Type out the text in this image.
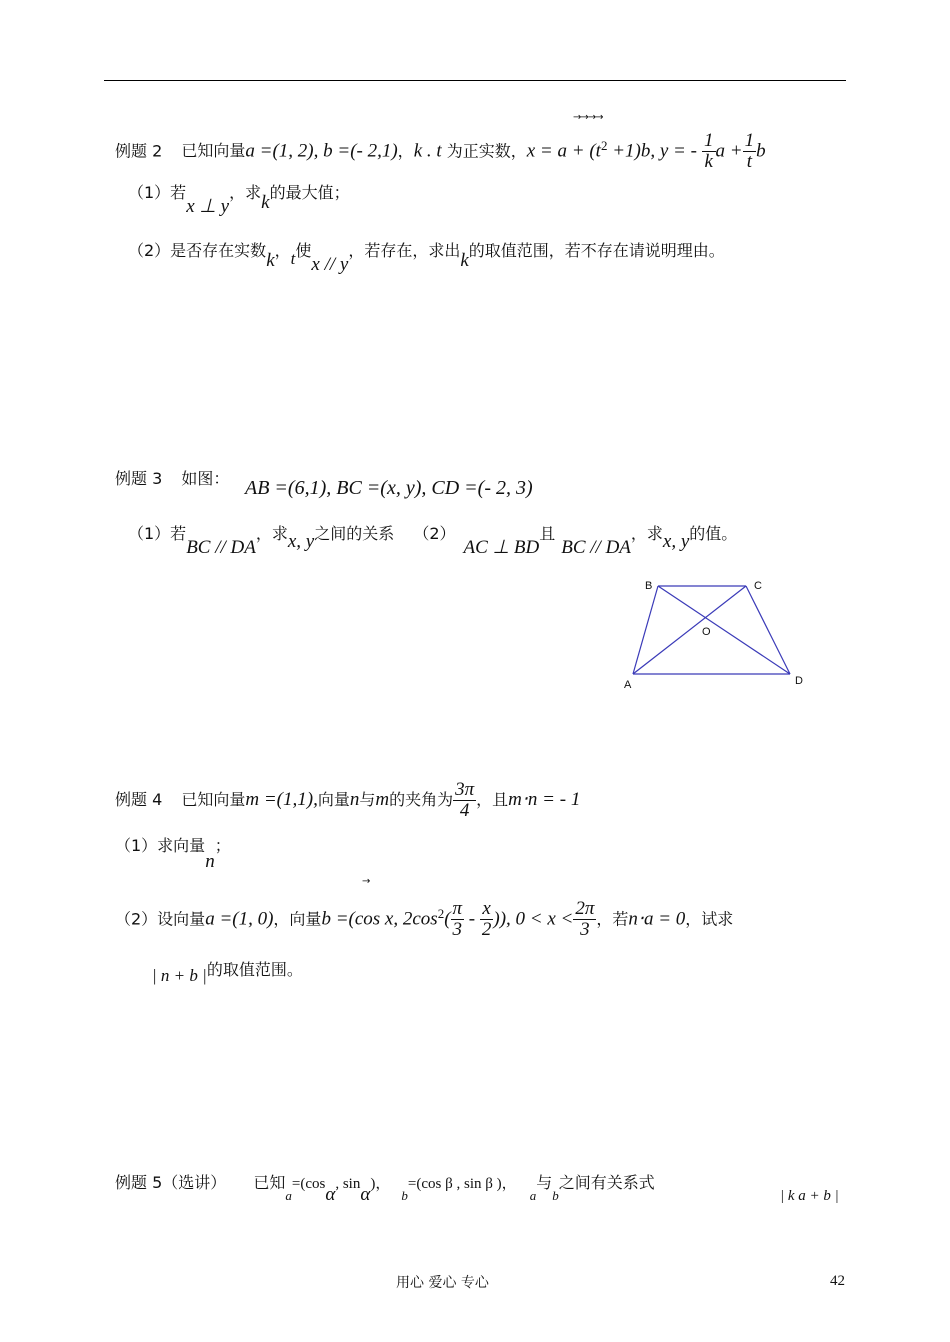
→→→→
例题 2 已知向量a =(1, 2), b =(- 2,1)，k . t 为正实数，$x = a + (t^2 +1)b$, y = - $\frac{1}{k}$ $a + \frac{1}{t}$ b
（1）若x ⊥ y，求k的最大值；
（2）是否存在实数k，t使x // y，若存在，求出k的取值范围，若不存在请说明理由。
例题 3 如图： AB =(6,1), BC =(x, y), CD =(- 2, 3)
（1）若BC // DA，求x, y之间的关系 （2）AC ⊥ BD且BC // DA，求x, y的值。
B	C
O
A	D
例题 4 已知向量m =(1,1),向量n与m的夹角为 $\frac{3\pi}{4}$ ，且m⋅n = - 1
（1）求向量n；
→
（2）设向量a =(1, 0)，向量b =(cos x, $2\cos^2( \frac{\pi}{3} - \frac{x}{2}$ )), $0 < x < \frac{2\pi}{3}$ ，若n⋅a = 0，试求
| n + b |的取值范围。
例题 5（选讲） 已知$_a$=(cosα, sinα)， $_b$=(cos β , sin β )， $_a$与$_b$之间有关系式
| k a + b |
用心 爱心 专心	42
